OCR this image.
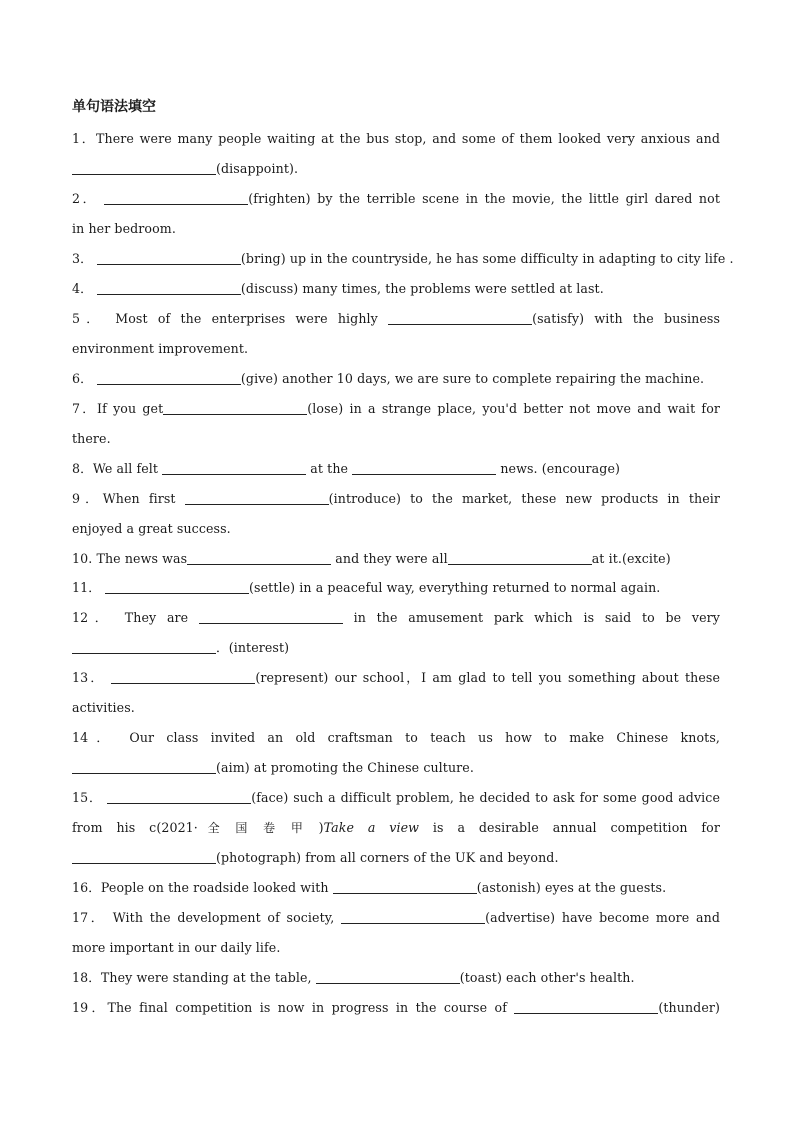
单句语法填空
1．There were many people waiting at the bus stop, and some of them looked very anxious and
(disappoint).
2．	(frighten) by the terrible scene in the movie, the little girl dared not
in her bedroom.
3．	(bring) up in the countryside, he has some difficulty in adapting to city life .
4．	(discuss) many times, the problems were settled at last.
5． Most of the enterprises were highly	(satisfy) with the business
environment improvement.
6．	(give) another 10 days, we are sure to complete repairing the machine.
7．If you get	(lose) in a strange place, you'd better not move and wait for
there.
8．We all felt	at the	news. (encourage)
9．When first	(introduce) to the market, these new products in their
enjoyed a great success.
10. The news was	and they were all	at it.(excite)
11．	(settle) in a peaceful way, everything returned to normal again.
12． They are	in the amusement park which is said to be very
．(interest)
13．	(represent) our school，I am glad to tell you something about these
activities.
14． Our class invited an old craftsman to teach us how to make Chinese knots,
(aim) at promoting the Chinese culture.
15．	(face) such a difficult problem, he decided to ask for some good advice
from his c(2021·全国卷甲)Take a view is a desirable annual competition for
(photograph) from all corners of the UK and beyond.
16．People on the roadside looked with	(astonish) eyes at the guests.
17． With the development of society,	(advertise) have become more and
more important in our daily life.
18．They were standing at the table,	(toast) each other's health.
19．The final competition is now in progress in the course of	(thunder)
